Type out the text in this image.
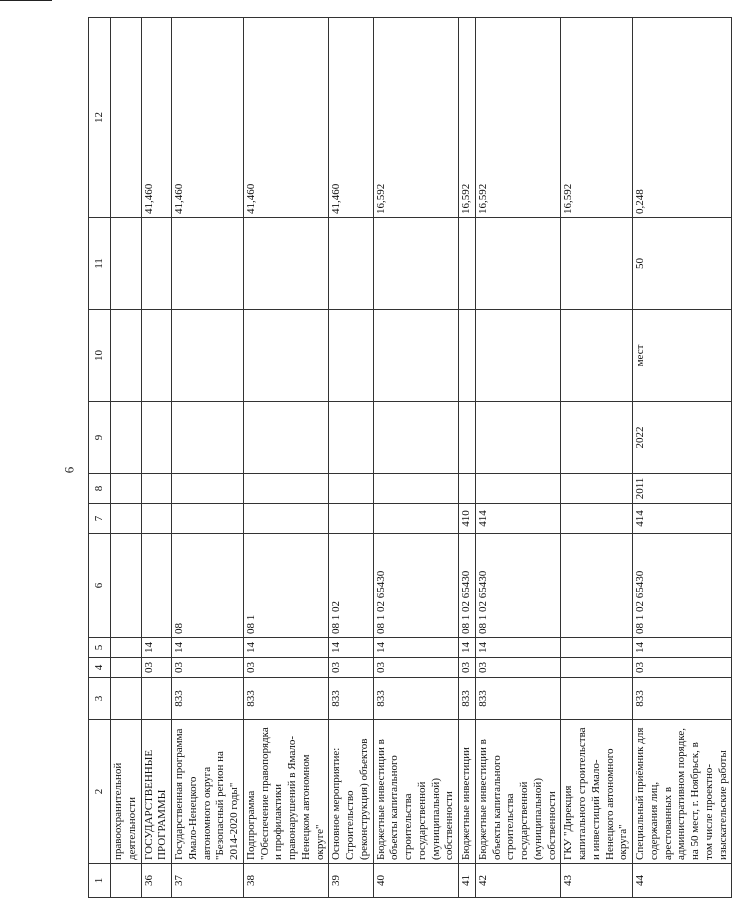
6
1	2	3	4	5	6	7	8	9	10	11	12
	правоохранительной деятельности										
36	ГОСУДАРСТВЕННЫЕ ПРОГРАММЫ		03	14							41,460
37	Государственная программа Ямало-Ненецкого автономного округа "Безопасный регион на 2014-2020 годы"	833	03	14	08						41,460
38	Подпрограмма "Обеспечение правопорядка и профилактики правонарушений в Ямало-Ненецком автономном округе"	833	03	14	08 1						41,460
39	Основное мероприятие: Строительство (реконструкция) объектов	833	03	14	08 1 02						41,460
40	Бюджетные инвестиции в объекты капитального строительства государственной (муниципальной) собственности	833	03	14	08 1 02 65430						16,592
41	Бюджетные инвестиции	833	03	14	08 1 02 65430	410					16,592
42	Бюджетные инвестиции в объекты капитального строительства государственной (муниципальной) собственности	833	03	14	08 1 02 65430	414					16,592
43	ГКУ "Дирекция капитального строительства и инвестиций Ямало-Ненецкого автономного округа"										16,592
44	Специальный приёмник для содержания лиц, арестованных в административном порядке, на 50 мест, г. Ноябрьск, в том числе проектно-изыскательские работы	833	03	14	08 1 02 65430	414	2011	2022	мест	50	0,248
